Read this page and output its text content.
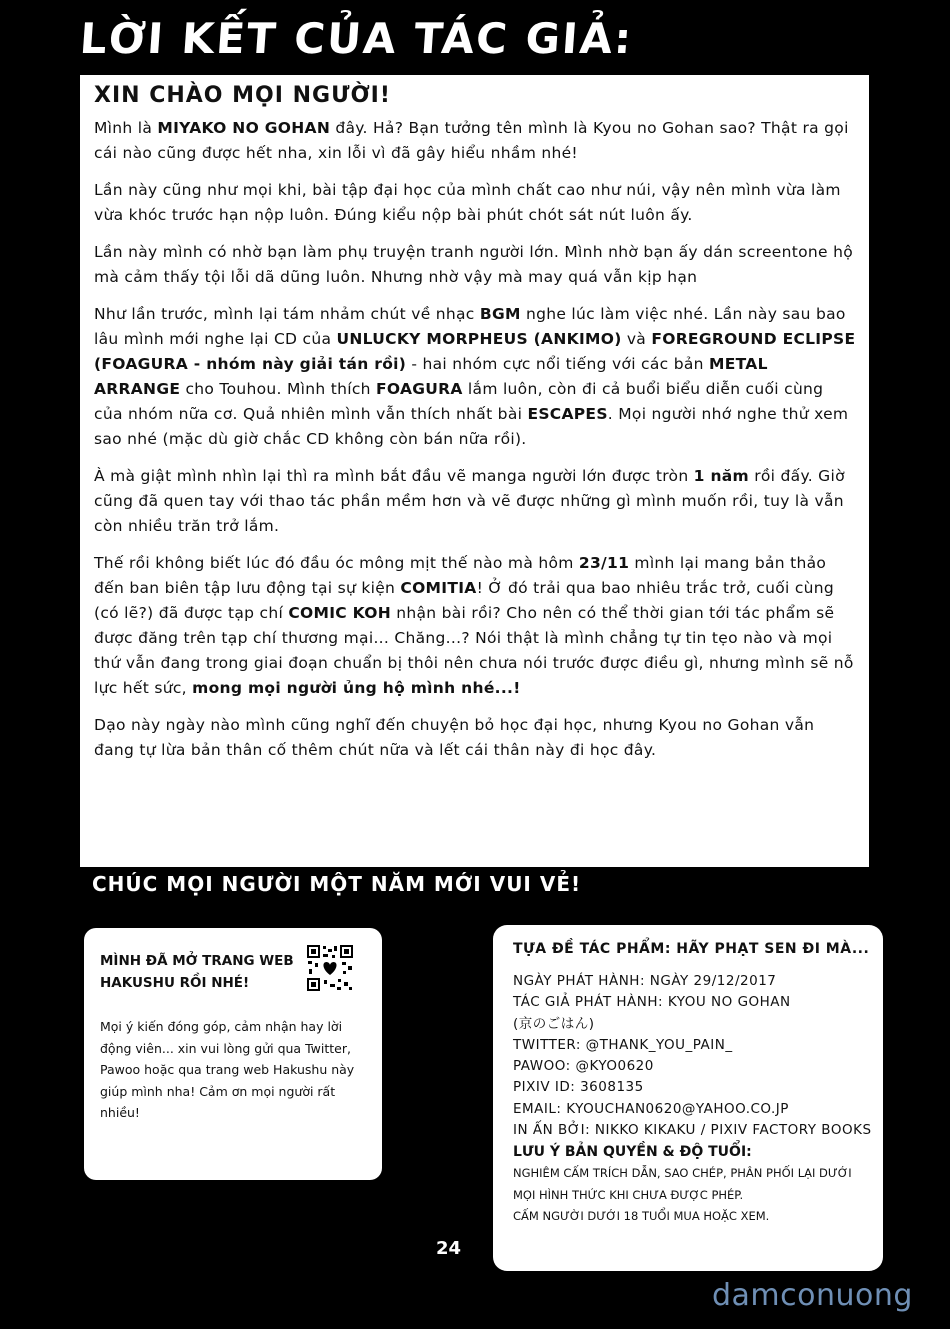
LỜI KẾT CỦA TÁC GIẢ:
XIN CHÀO MỌI NGƯỜI!

Mình là MIYAKO NO GOHAN đây. Hả? Bạn tưởng tên mình là Kyou no Gohan sao? Thật ra gọi cái nào cũng được hết nha, xin lỗi vì đã gây hiểu nhầm nhé!

Lần này cũng như mọi khi, bài tập đại học của mình chất cao như núi, vậy nên mình vừa làm vừa khóc trước hạn nộp luôn. Đúng kiểu nộp bài phút chót sát nút luôn ấy.

Lần này mình có nhờ bạn làm phụ truyện tranh người lớn. Mình nhờ bạn ấy dán screentone hộ mà cảm thấy tội lỗi dã dũng luôn. Nhưng nhờ vậy mà may quá vẫn kịp hạn

Như lần trước, mình lại tám nhảm chút về nhạc BGM nghe lúc làm việc nhé. Lần này sau bao lâu mình mới nghe lại CD của UNLUCKY MORPHEUS (ANKIMO) và FOREGROUND ECLIPSE (FOAGURA - nhóm này giải tán rồi) - hai nhóm cực nổi tiếng với các bản METAL ARRANGE cho Touhou. Mình thích FOAGURA lắm luôn, còn đi cả buổi biểu diễn cuối cùng của nhóm nữa cơ. Quả nhiên mình vẫn thích nhất bài ESCAPES. Mọi người nhớ nghe thử xem sao nhé (mặc dù giờ chắc CD không còn bán nữa rồi).

À mà giật mình nhìn lại thì ra mình bắt đầu vẽ manga người lớn được tròn 1 năm rồi đấy. Giờ cũng đã quen tay với thao tác phần mềm hơn và vẽ được những gì mình muốn rồi, tuy là vẫn còn nhiều trăn trở lắm.

Thế rồi không biết lúc đó đầu óc mông mịt thế nào mà hôm 23/11 mình lại mang bản thảo đến ban biên tập lưu động tại sự kiện COMITIA! Ở đó trải qua bao nhiêu trắc trở, cuối cùng (có lẽ?) đã được tạp chí COMIC KOH nhận bài rồi? Cho nên có thể thời gian tới tác phẩm sẽ được đăng trên tạp chí thương mại... Chăng...? Nói thật là mình chẳng tự tin tẹo nào và mọi thứ vẫn đang trong giai đoạn chuẩn bị thôi nên chưa nói trước được điều gì, nhưng mình sẽ nỗ lực hết sức, mong mọi người ủng hộ mình nhé...!

Dạo này ngày nào mình cũng nghĩ đến chuyện bỏ học đại học, nhưng Kyou no Gohan vẫn đang tự lừa bản thân cố thêm chút nữa và lết cái thân này đi học đây.

CHÚC MỌI NGƯỜI MỘT NĂM MỚI VUI VẺ!
MÌNH ĐÃ MỞ TRANG WEB HAKUSHU RỒI NHÉ!
Mọi ý kiến đóng góp, cảm nhận hay lời động viên... xin vui lòng gửi qua Twitter, Pawoo hoặc qua trang web Hakushu này giúp mình nha! Cảm ơn mọi người rất nhiều!
TỰA ĐỀ TÁC PHẨM: HÃY PHẠT SEN ĐI MÀ...
NGÀY PHÁT HÀNH: NGÀY 29/12/2017
TÁC GIẢ PHÁT HÀNH: KYOU NO GOHAN
(京のごはん)
TWITTER: @THANK_YOU_PAIN_
PAWOO: @KYO0620
PIXIV ID: 3608135
EMAIL: KYOUCHAN0620@YAHOO.CO.JP
IN ẤN BỞI: NIKKO KIKAKU / PIXIV FACTORY BOOKS
LƯU Ý BẢN QUYỀN & ĐỘ TUỔI:
NGHIÊM CẤM TRÍCH DẪN, SAO CHÉP, PHÂN PHỐI LẠI DƯỚI MỌI HÌNH THỨC KHI CHƯA ĐƯỢC PHÉP.
CẤM NGƯỜI DƯỚI 18 TUỔI MUA HOẶC XEM.
24
damconuong
